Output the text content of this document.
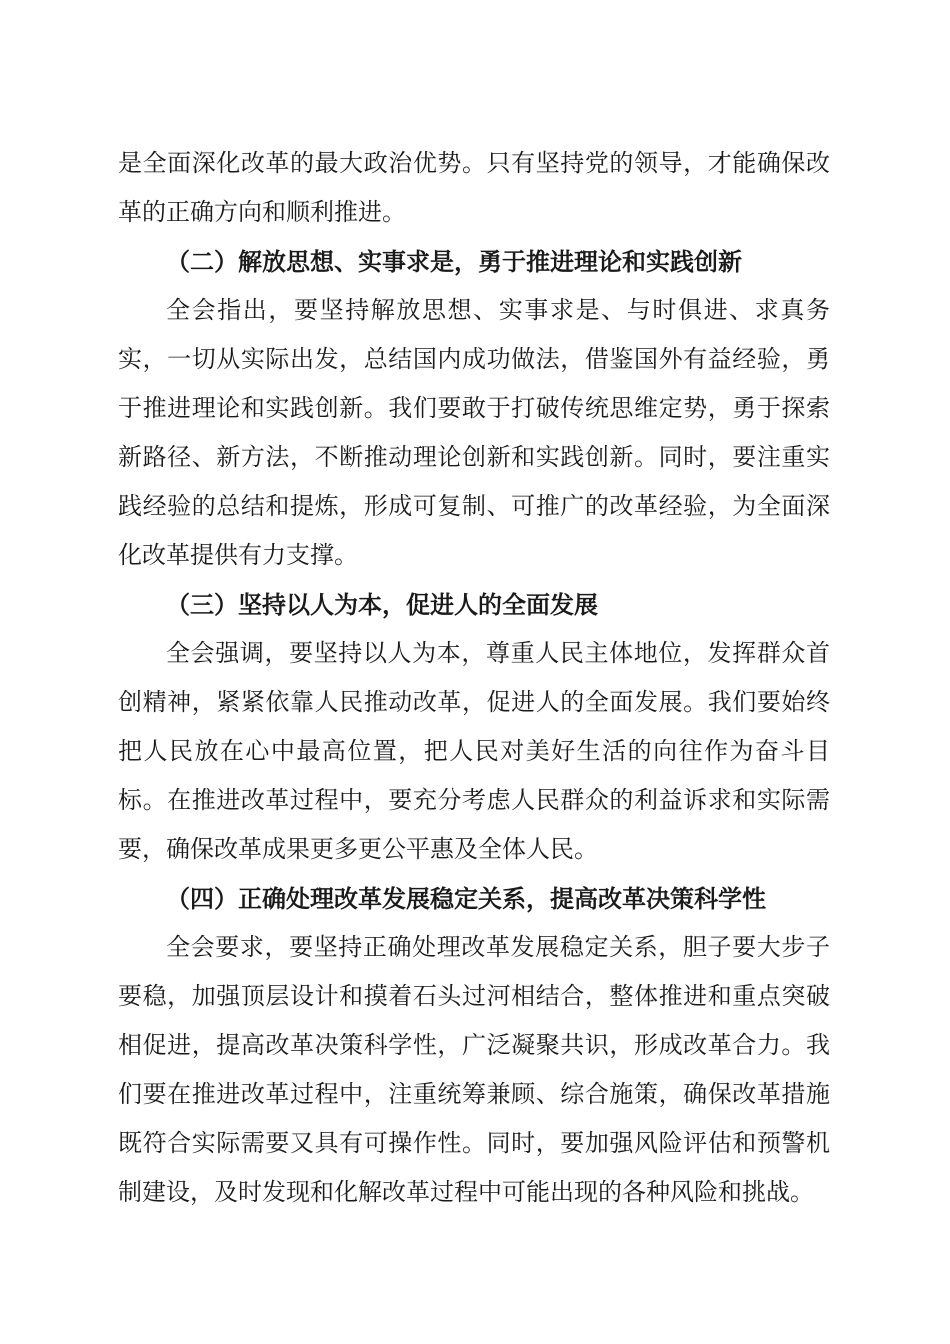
是全面深化改革的最大政治优势。只有坚持党的领导，才能确保改革的正确方向和顺利推进。

（二）解放思想、实事求是，勇于推进理论和实践创新

全会指出，要坚持解放思想、实事求是、与时俱进、求真务实，一切从实际出发，总结国内成功做法，借鉴国外有益经验，勇于推进理论和实践创新。我们要敢于打破传统思维定势，勇于探索新路径、新方法，不断推动理论创新和实践创新。同时，要注重实践经验的总结和提炼，形成可复制、可推广的改革经验，为全面深化改革提供有力支撑。

（三）坚持以人为本，促进人的全面发展

全会强调，要坚持以人为本，尊重人民主体地位，发挥群众首创精神，紧紧依靠人民推动改革，促进人的全面发展。我们要始终把人民放在心中最高位置，把人民对美好生活的向往作为奋斗目标。在推进改革过程中，要充分考虑人民群众的利益诉求和实际需要，确保改革成果更多更公平惠及全体人民。

（四）正确处理改革发展稳定关系，提高改革决策科学性

全会要求，要坚持正确处理改革发展稳定关系，胆子要大步子要稳，加强顶层设计和摸着石头过河相结合，整体推进和重点突破相促进，提高改革决策科学性，广泛凝聚共识，形成改革合力。我们要在推进改革过程中，注重统筹兼顾、综合施策，确保改革措施既符合实际需要又具有可操作性。同时，要加强风险评估和预警机制建设，及时发现和化解改革过程中可能出现的各种风险和挑战。
